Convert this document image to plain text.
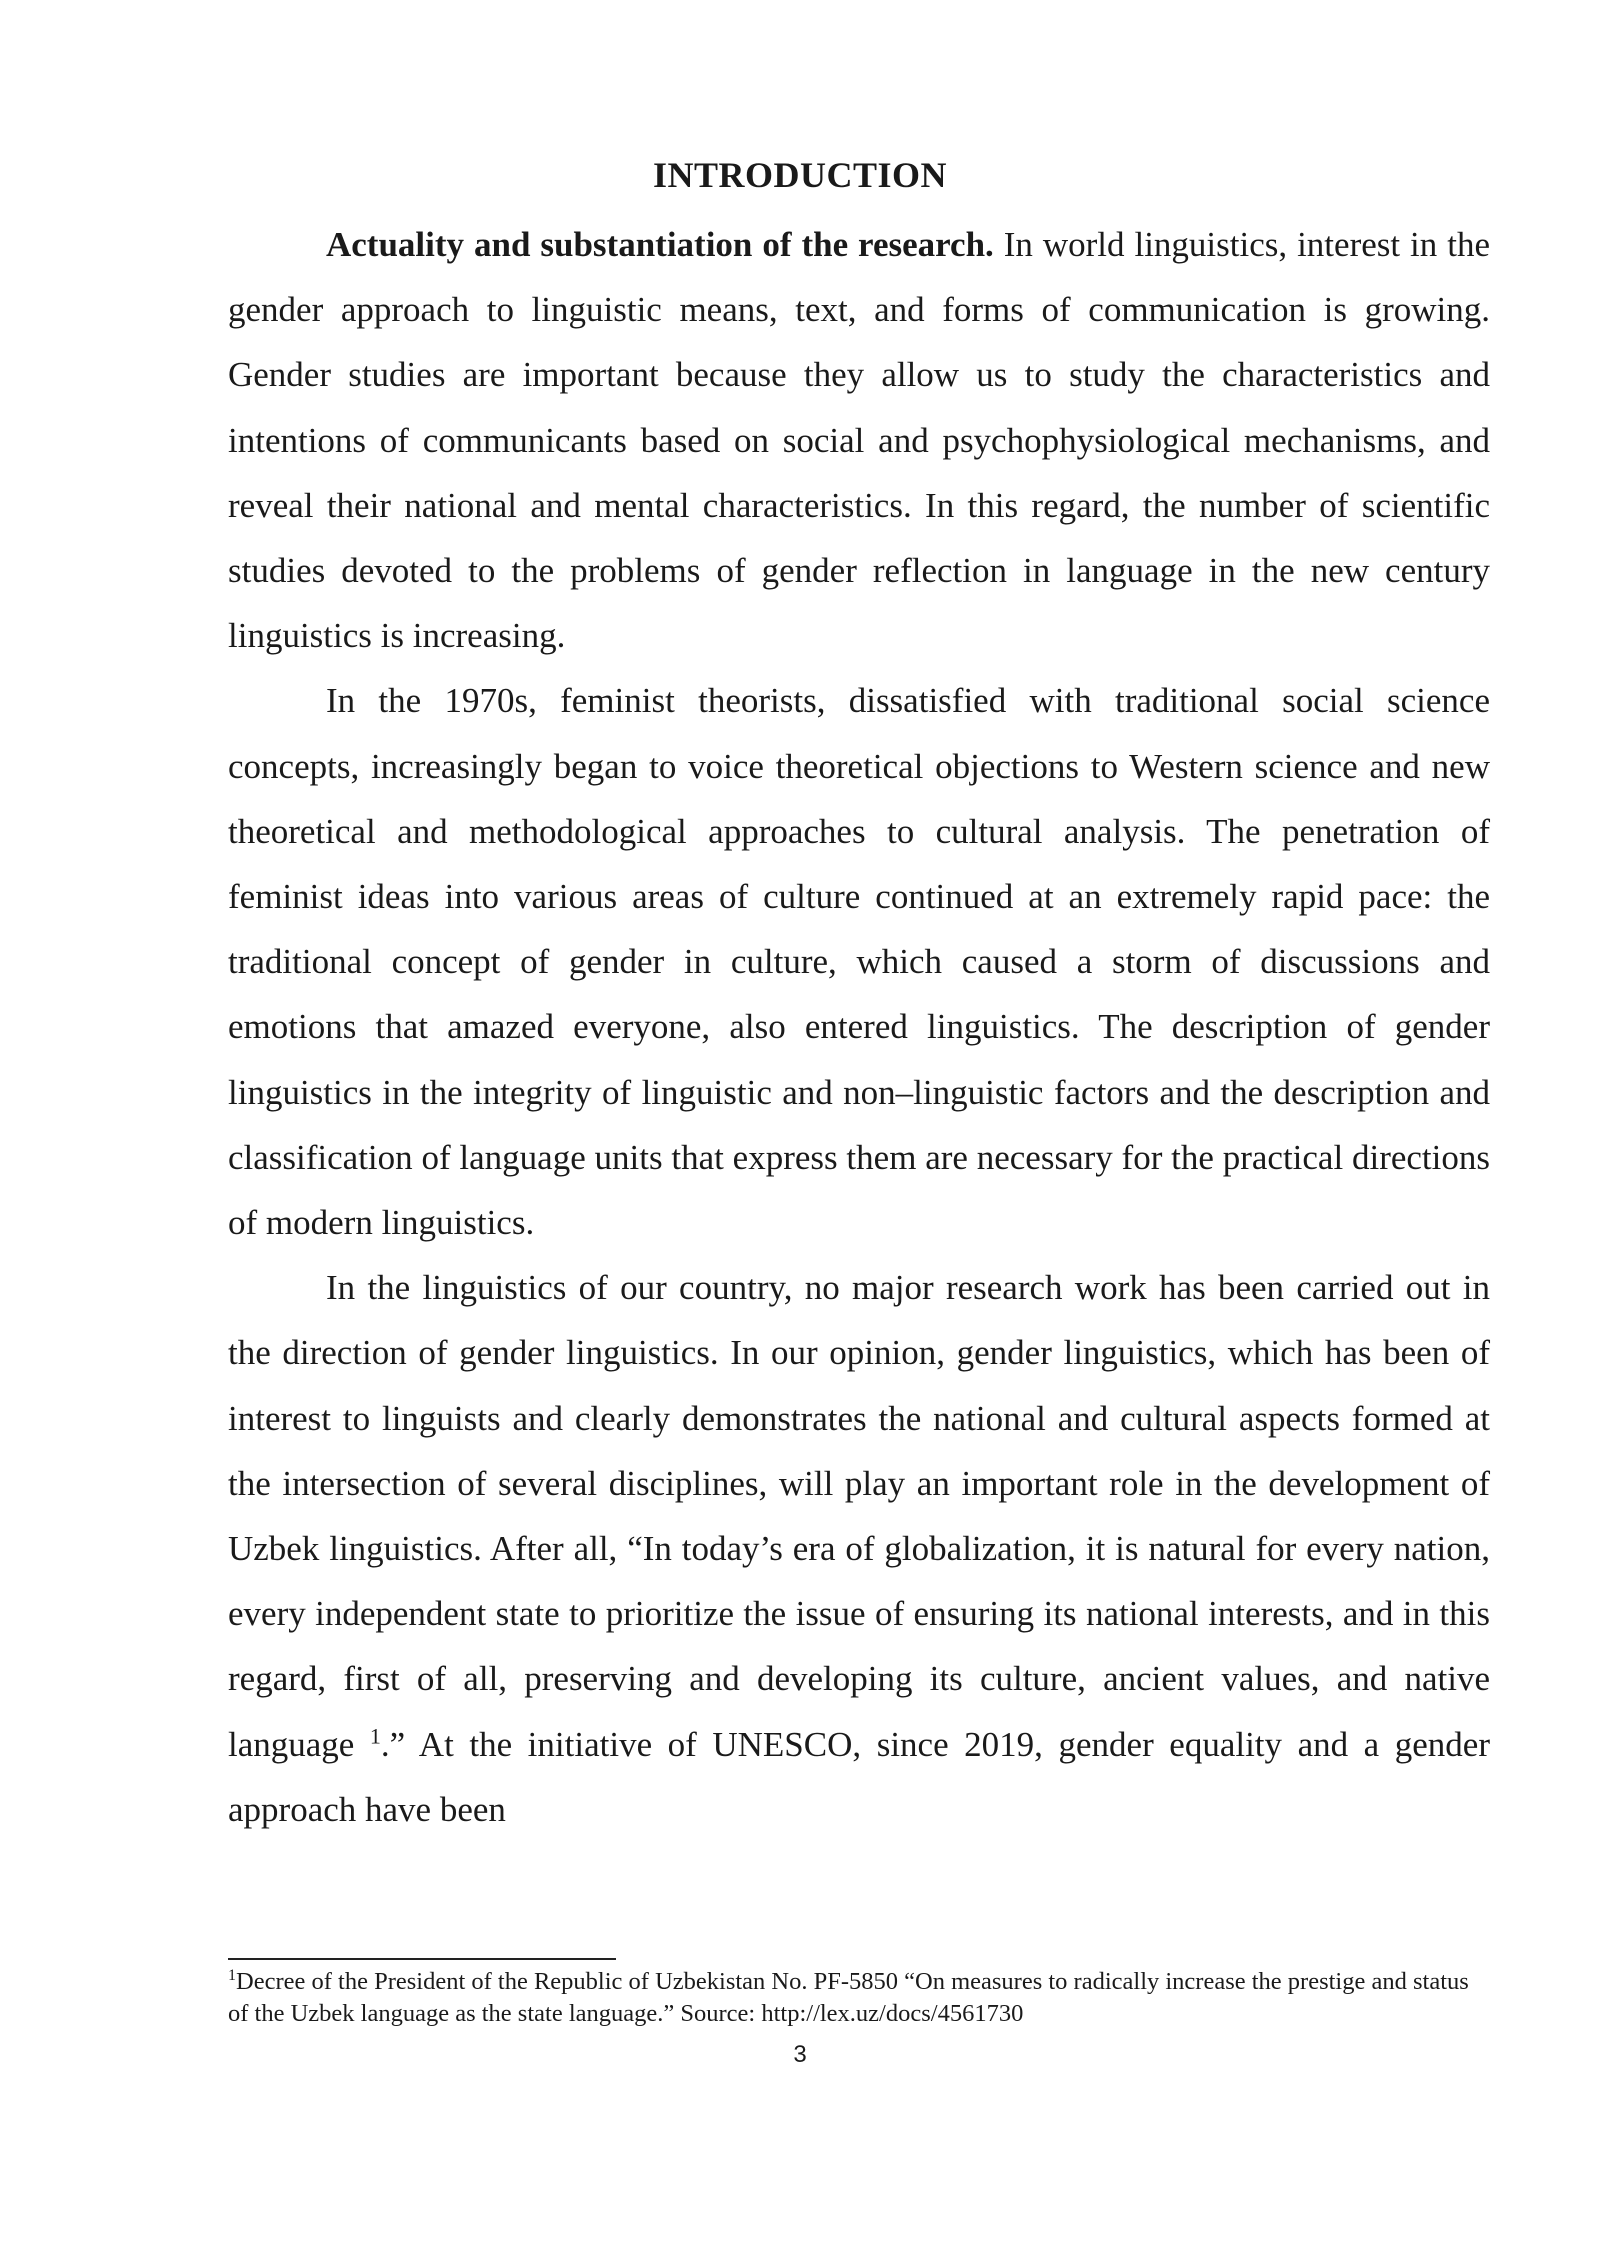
INTRODUCTION

Actuality and substantiation of the research. In world linguistics, interest in the gender approach to linguistic means, text, and forms of communication is growing. Gender studies are important because they allow us to study the characteristics and intentions of communicants based on social and psychophysiological mechanisms, and reveal their national and mental characteristics. In this regard, the number of scientific studies devoted to the problems of gender reflection in language in the new century linguistics is increasing.

In the 1970s, feminist theorists, dissatisfied with traditional social science concepts, increasingly began to voice theoretical objections to Western science and new theoretical and methodological approaches to cultural analysis. The penetration of feminist ideas into various areas of culture continued at an extremely rapid pace: the traditional concept of gender in culture, which caused a storm of discussions and emotions that amazed everyone, also entered linguistics. The description of gender linguistics in the integrity of linguistic and non–linguistic factors and the description and classification of language units that express them are necessary for the practical directions of modern linguistics.

In the linguistics of our country, no major research work has been carried out in the direction of gender linguistics. In our opinion, gender linguistics, which has been of interest to linguists and clearly demonstrates the national and cultural aspects formed at the intersection of several disciplines, will play an important role in the development of Uzbek linguistics. After all, “In today’s era of globalization, it is natural for every nation, every independent state to prioritize the issue of ensuring its national interests, and in this regard, first of all, preserving and developing its culture, ancient values, and native language $^1$.” At the initiative of UNESCO, since 2019, gender equality and a gender approach have been

$^1$Decree of the President of the Republic of Uzbekistan No. PF-5850 “On measures to radically increase the prestige and status of the Uzbek language as the state language.” Source: http://lex.uz/docs/4561730
3
